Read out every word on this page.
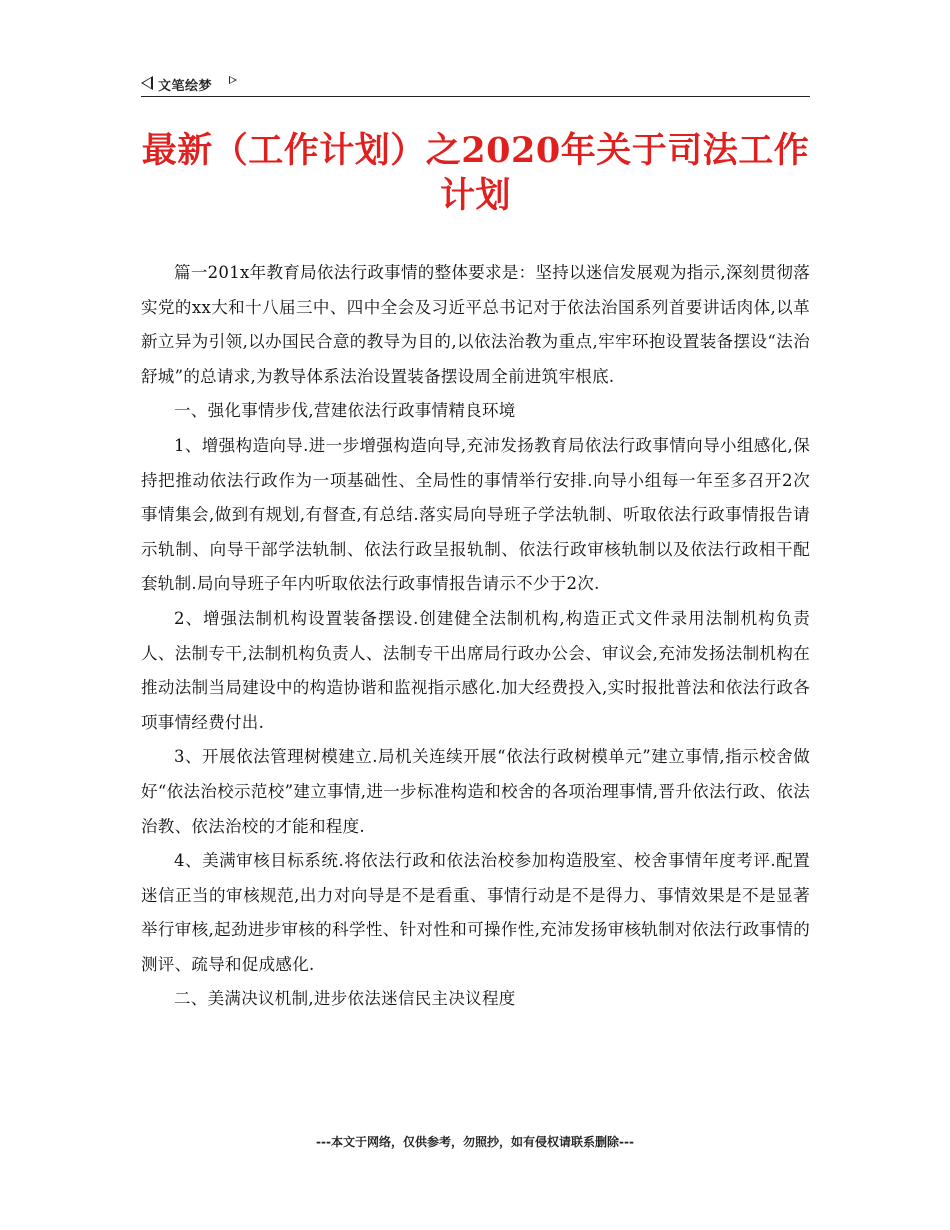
文笔绘梦
最新（工作计划）之2020年关于司法工作计划

篇一201x年教育局依法行政事情的整体要求是：坚持以迷信发展观为指示,深刻贯彻落实党的xx大和十八届三中、四中全会及习近平总书记对于依法治国系列首要讲话肉体,以革新立异为引领,以办国民合意的教导为目的,以依法治教为重点,牢牢环抱设置装备摆设“法治舒城”的总请求,为教导体系法治设置装备摆设周全前进筑牢根底.

一、强化事情步伐,营建依法行政事情精良环境

1、增强构造向导.进一步增强构造向导,充沛发扬教育局依法行政事情向导小组感化,保持把推动依法行政作为一项基础性、全局性的事情举行安排.向导小组每一年至多召开2次事情集会,做到有规划,有督查,有总结.落实局向导班子学法轨制、听取依法行政事情报告请示轨制、向导干部学法轨制、依法行政呈报轨制、依法行政审核轨制以及依法行政相干配套轨制.局向导班子年内听取依法行政事情报告请示不少于2次.

2、增强法制机构设置装备摆设.创建健全法制机构,构造正式文件录用法制机构负责人、法制专干,法制机构负责人、法制专干出席局行政办公会、审议会,充沛发扬法制机构在推动法制当局建设中的构造协谐和监视指示感化.加大经费投入,实时报批普法和依法行政各项事情经费付出.

3、开展依法管理树模建立.局机关连续开展“依法行政树模单元”建立事情,指示校舍做好“依法治校示范校”建立事情,进一步标准构造和校舍的各项治理事情,晋升依法行政、依法治教、依法治校的才能和程度.

4、美满审核目标系统.将依法行政和依法治校参加构造股室、校舍事情年度考评.配置迷信正当的审核规范,出力对向导是不是看重、事情行动是不是得力、事情效果是不是显著举行审核,起劲进步审核的科学性、针对性和可操作性,充沛发扬审核轨制对依法行政事情的测评、疏导和促成感化.

二、美满决议机制,进步依法迷信民主决议程度

---本文于网络，仅供参考，勿照抄，如有侵权请联系删除---
